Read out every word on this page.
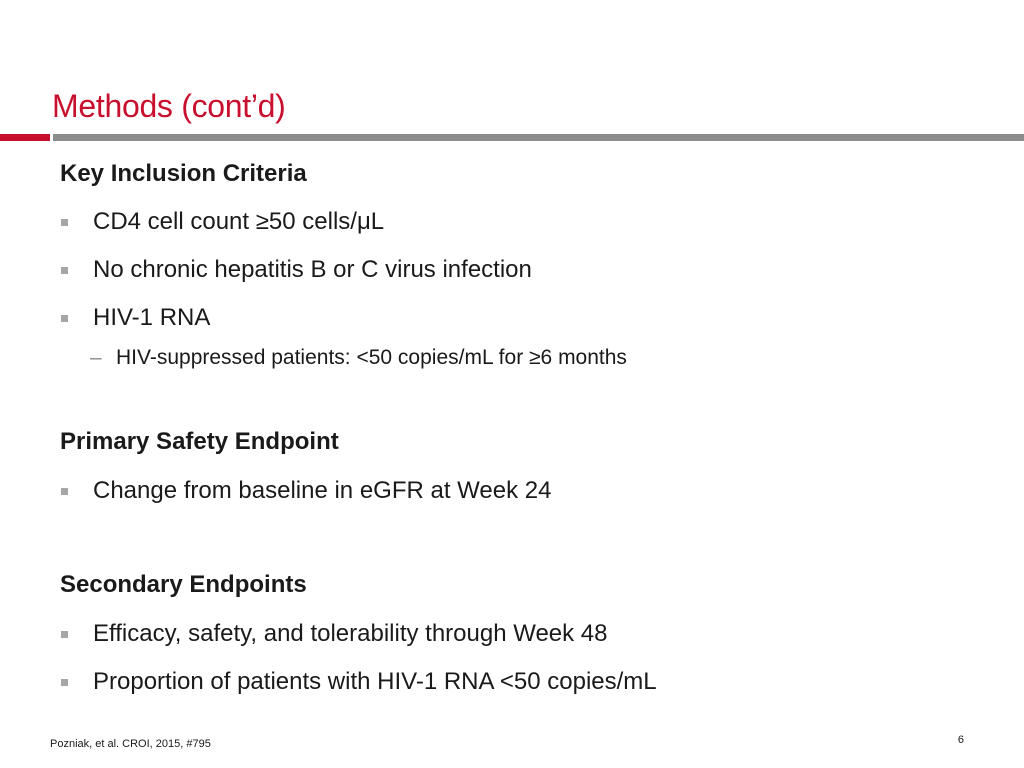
Methods (cont’d)
Key Inclusion Criteria
CD4 cell count ≥50 cells/μL
No chronic hepatitis B or C virus infection
HIV-1 RNA
– HIV-suppressed patients: <50 copies/mL for ≥6 months
Primary Safety Endpoint
Change from baseline in eGFR at Week 24
Secondary Endpoints
Efficacy, safety, and tolerability through Week 48
Proportion of patients with HIV-1 RNA <50 copies/mL
Pozniak, et al. CROI, 2015, #795	6
